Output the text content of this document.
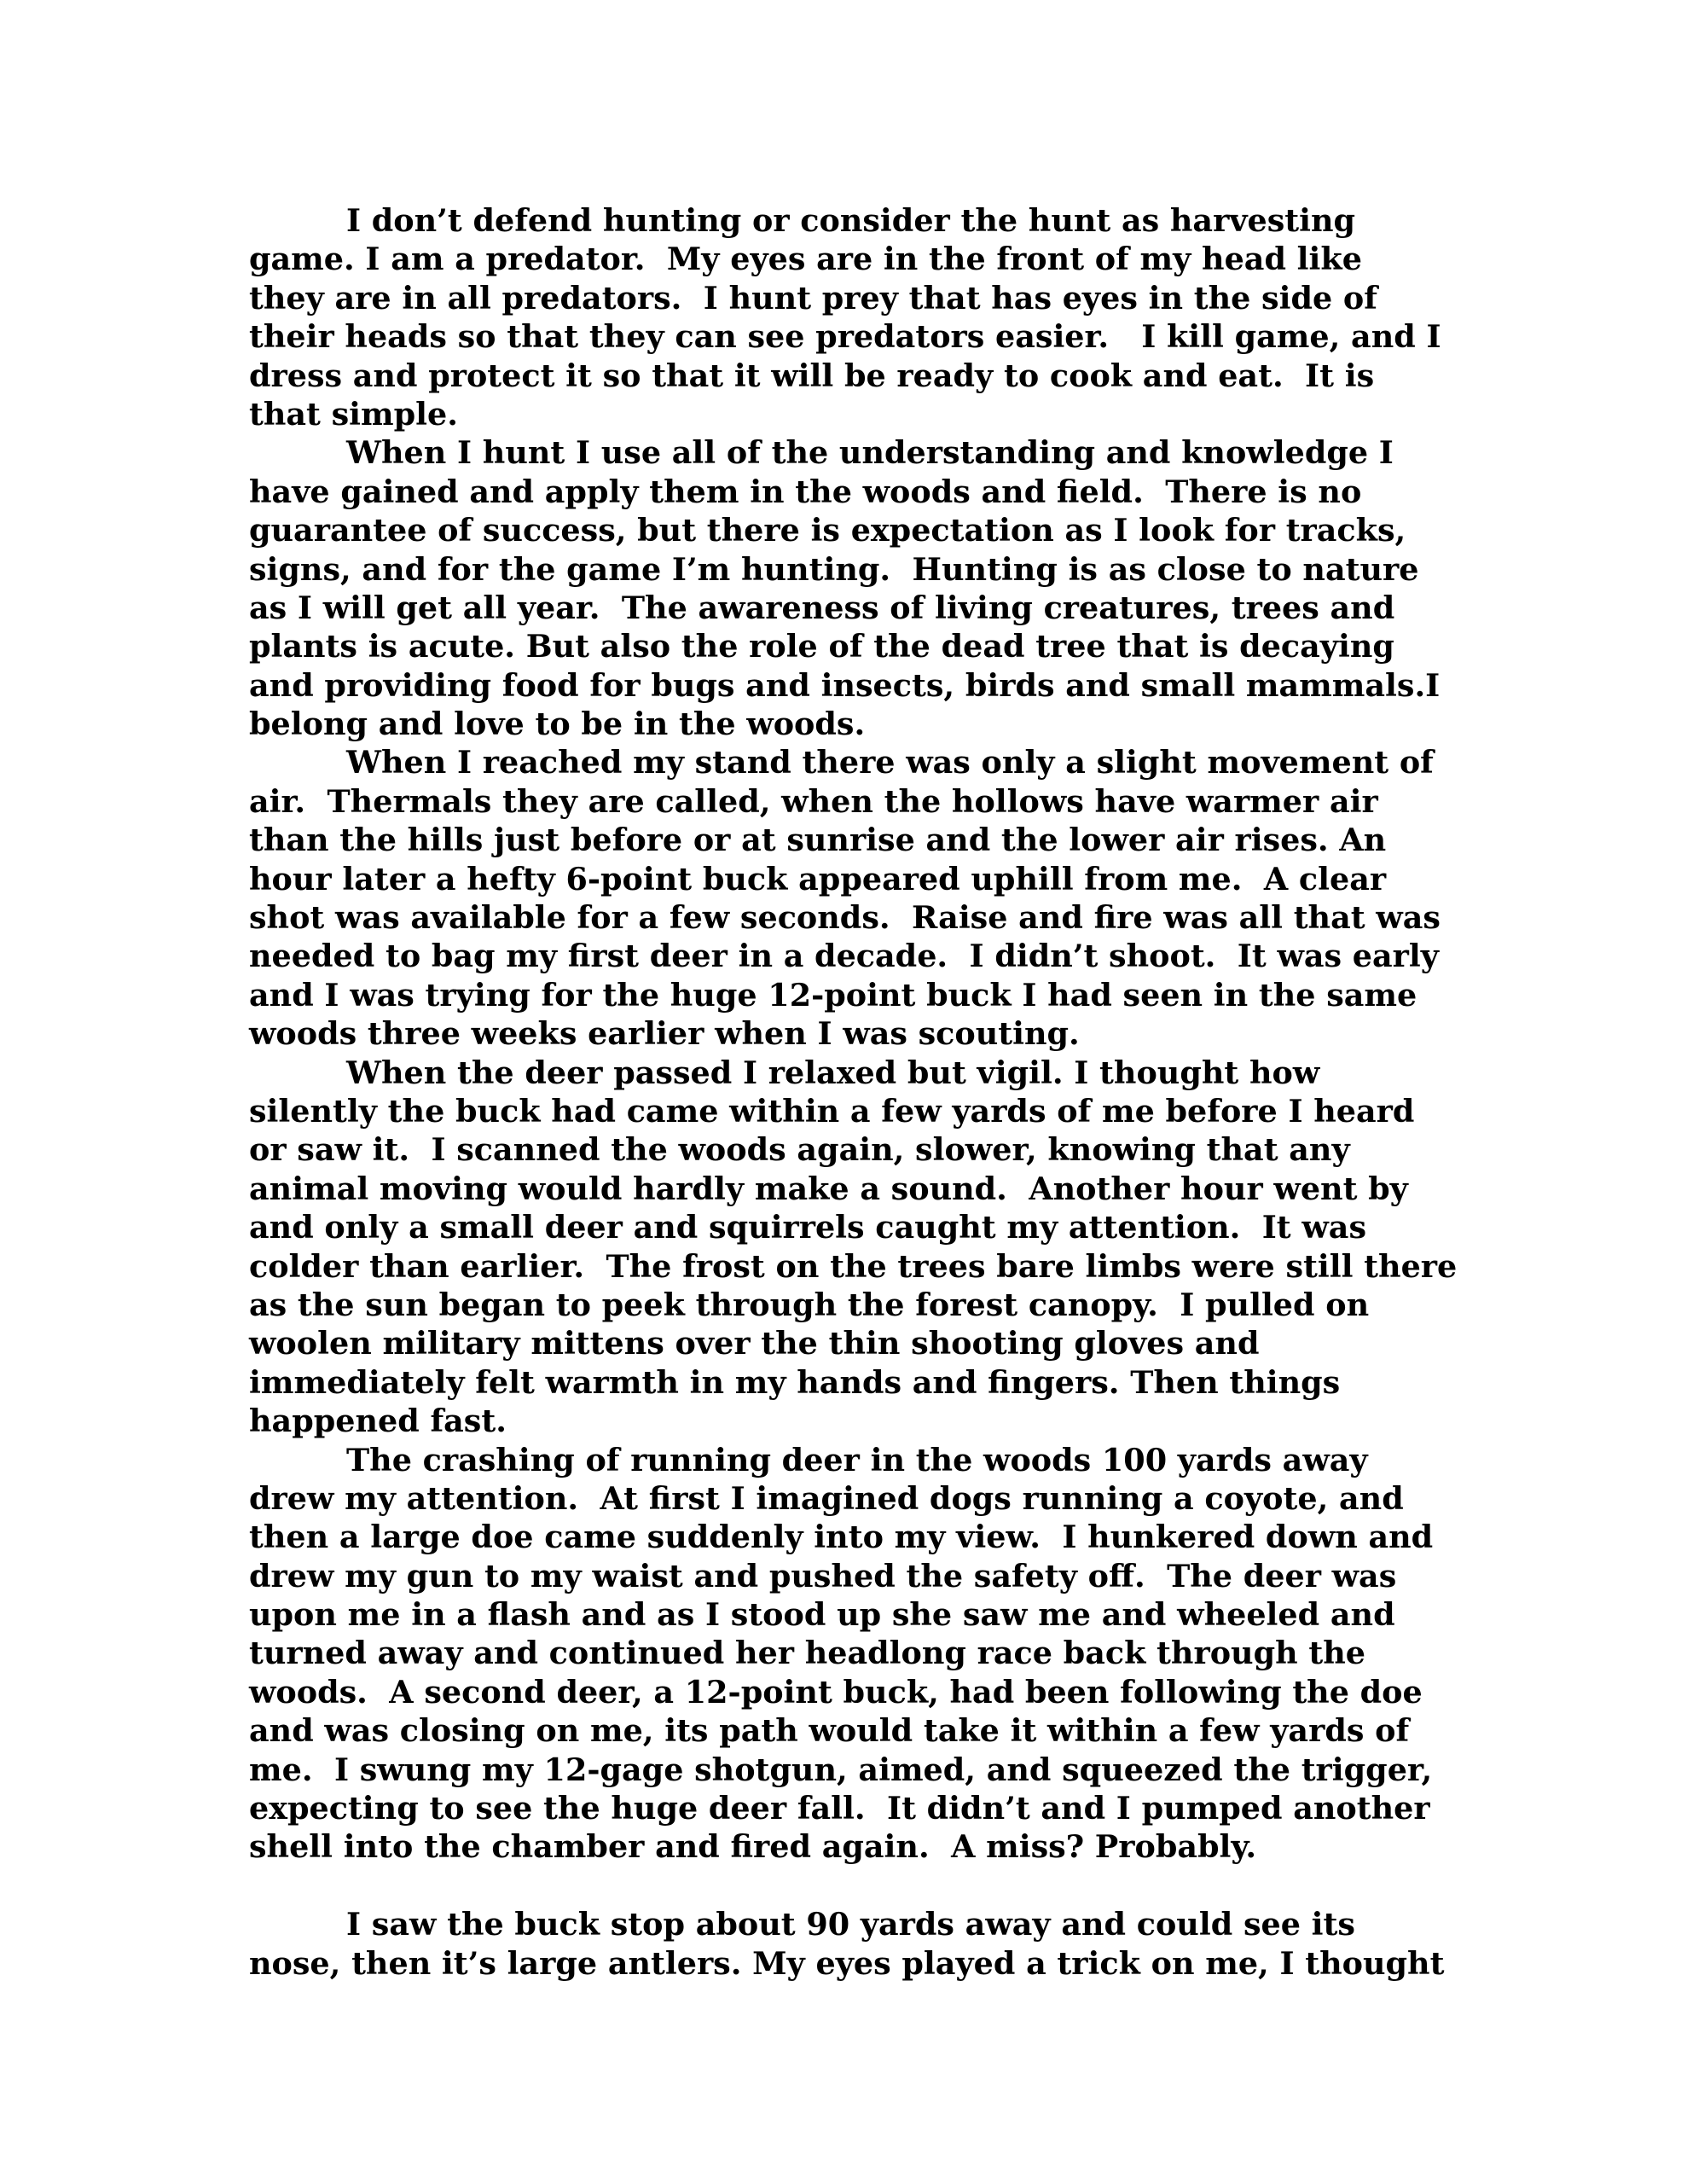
I don’t defend hunting or consider the hunt as harvesting
game. I am a predator.  My eyes are in the front of my head like
they are in all predators.  I hunt prey that has eyes in the side of
their heads so that they can see predators easier.   I kill game, and I
dress and protect it so that it will be ready to cook and eat.  It is
that simple.
When I hunt I use all of the understanding and knowledge I
have gained and apply them in the woods and field.  There is no
guarantee of success, but there is expectation as I look for tracks,
signs, and for the game I’m hunting.  Hunting is as close to nature
as I will get all year.  The awareness of living creatures, trees and
plants is acute. But also the role of the dead tree that is decaying
and providing food for bugs and insects, birds and small mammals.I
belong and love to be in the woods.
When I reached my stand there was only a slight movement of
air.  Thermals they are called, when the hollows have warmer air
than the hills just before or at sunrise and the lower air rises. An
hour later a hefty 6-point buck appeared uphill from me.  A clear
shot was available for a few seconds.  Raise and fire was all that was
needed to bag my first deer in a decade.  I didn’t shoot.  It was early
and I was trying for the huge 12-point buck I had seen in the same
woods three weeks earlier when I was scouting.
When the deer passed I relaxed but vigil. I thought how
silently the buck had came within a few yards of me before I heard
or saw it.  I scanned the woods again, slower, knowing that any
animal moving would hardly make a sound.  Another hour went by
and only a small deer and squirrels caught my attention.  It was
colder than earlier.  The frost on the trees bare limbs were still there
as the sun began to peek through the forest canopy.  I pulled on
woolen military mittens over the thin shooting gloves and
immediately felt warmth in my hands and fingers. Then things
happened fast.
The crashing of running deer in the woods 100 yards away
drew my attention.  At first I imagined dogs running a coyote, and
then a large doe came suddenly into my view.  I hunkered down and
drew my gun to my waist and pushed the safety off.  The deer was
upon me in a flash and as I stood up she saw me and wheeled and
turned away and continued her headlong race back through the
woods.  A second deer, a 12-point buck, had been following the doe
and was closing on me, its path would take it within a few yards of
me.  I swung my 12-gage shotgun, aimed, and squeezed the trigger,
expecting to see the huge deer fall.  It didn’t and I pumped another
shell into the chamber and fired again.  A miss? Probably.
I saw the buck stop about 90 yards away and could see its
nose, then it’s large antlers. My eyes played a trick on me, I thought
